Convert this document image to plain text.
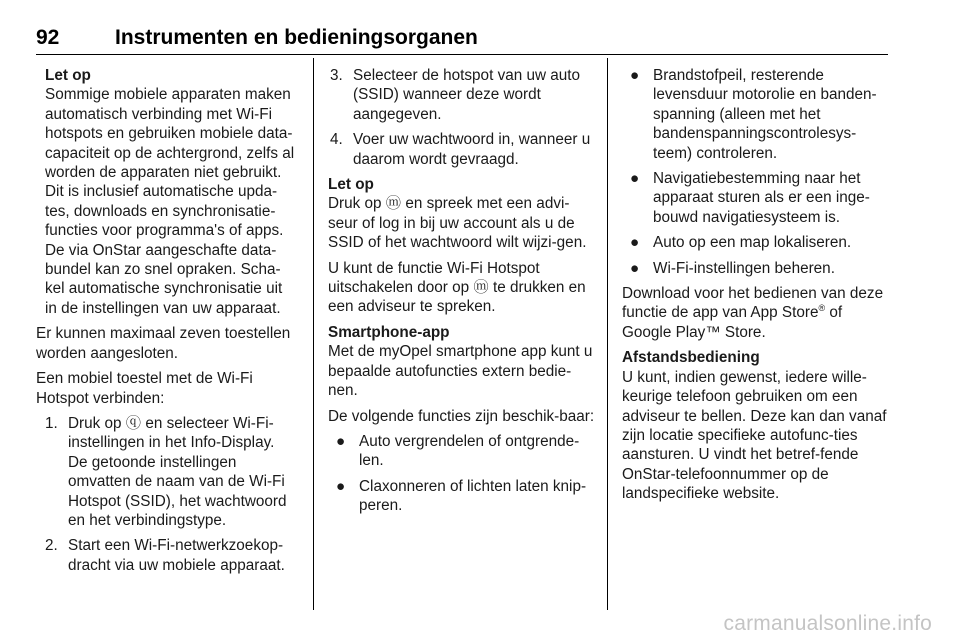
92	Instrumenten en bedieningsorganen
Let op
Sommige mobiele apparaten maken automatisch verbinding met Wi-Fi hotspots en gebruiken mobiele data-capaciteit op de achtergrond, zelfs al worden de apparaten niet gebruikt. Dit is inclusief automatische upda-tes, downloads en synchronisatie-functies voor programma's of apps. De via OnStar aangeschafte data-bundel kan zo snel opraken. Scha-kel automatische synchronisatie uit in de instellingen van uw apparaat.

Er kunnen maximaal zeven toestellen worden aangesloten.

Een mobiel toestel met de Wi-Fi Hotspot verbinden:

1. Druk op ⓠ en selecteer Wi-Fi-instellingen in het Info-Display. De getoonde instellingen omvatten de naam van de Wi-Fi Hotspot (SSID), het wachtwoord en het verbindingstype.
2. Start een Wi-Fi-netwerkzoekop-dracht via uw mobiele apparaat.
3. Selecteer de hotspot van uw auto (SSID) wanneer deze wordt aangegeven.
4. Voer uw wachtwoord in, wanneer u daarom wordt gevraagd.
Let op
Druk op ⓜ en spreek met een advi-seur of log in bij uw account als u de SSID of het wachtwoord wilt wijzi-gen.

U kunt de functie Wi-Fi Hotspot uitschakelen door op ⓜ te drukken en een adviseur te spreken.

Smartphone-app

Met de myOpel smartphone app kunt u bepaalde autofuncties extern bedie-nen.

De volgende functies zijn beschik-baar:

● Auto vergrendelen of ontgrende-len.
● Claxonneren of lichten laten knip-peren.
● Brandstofpeil, resterende levensduur motorolie en banden-spanning (alleen met het bandenspanningscontrolesys-teem) controleren.
● Navigatiebestemming naar het apparaat sturen als er een inge-bouwd navigatiesysteem is.
● Auto op een map lokaliseren.
● Wi-Fi-instellingen beheren.

Download voor het bedienen van deze functie de app van App Store® of Google Play™ Store.

Afstandsbediening

U kunt, indien gewenst, iedere wille-keurige telefoon gebruiken om een adviseur te bellen. Deze kan dan vanaf zijn locatie specifieke autofunc-ties aansturen. U vindt het betref-fende OnStar-telefoonnummer op de landspecifieke website.

carmanualsonline.info
